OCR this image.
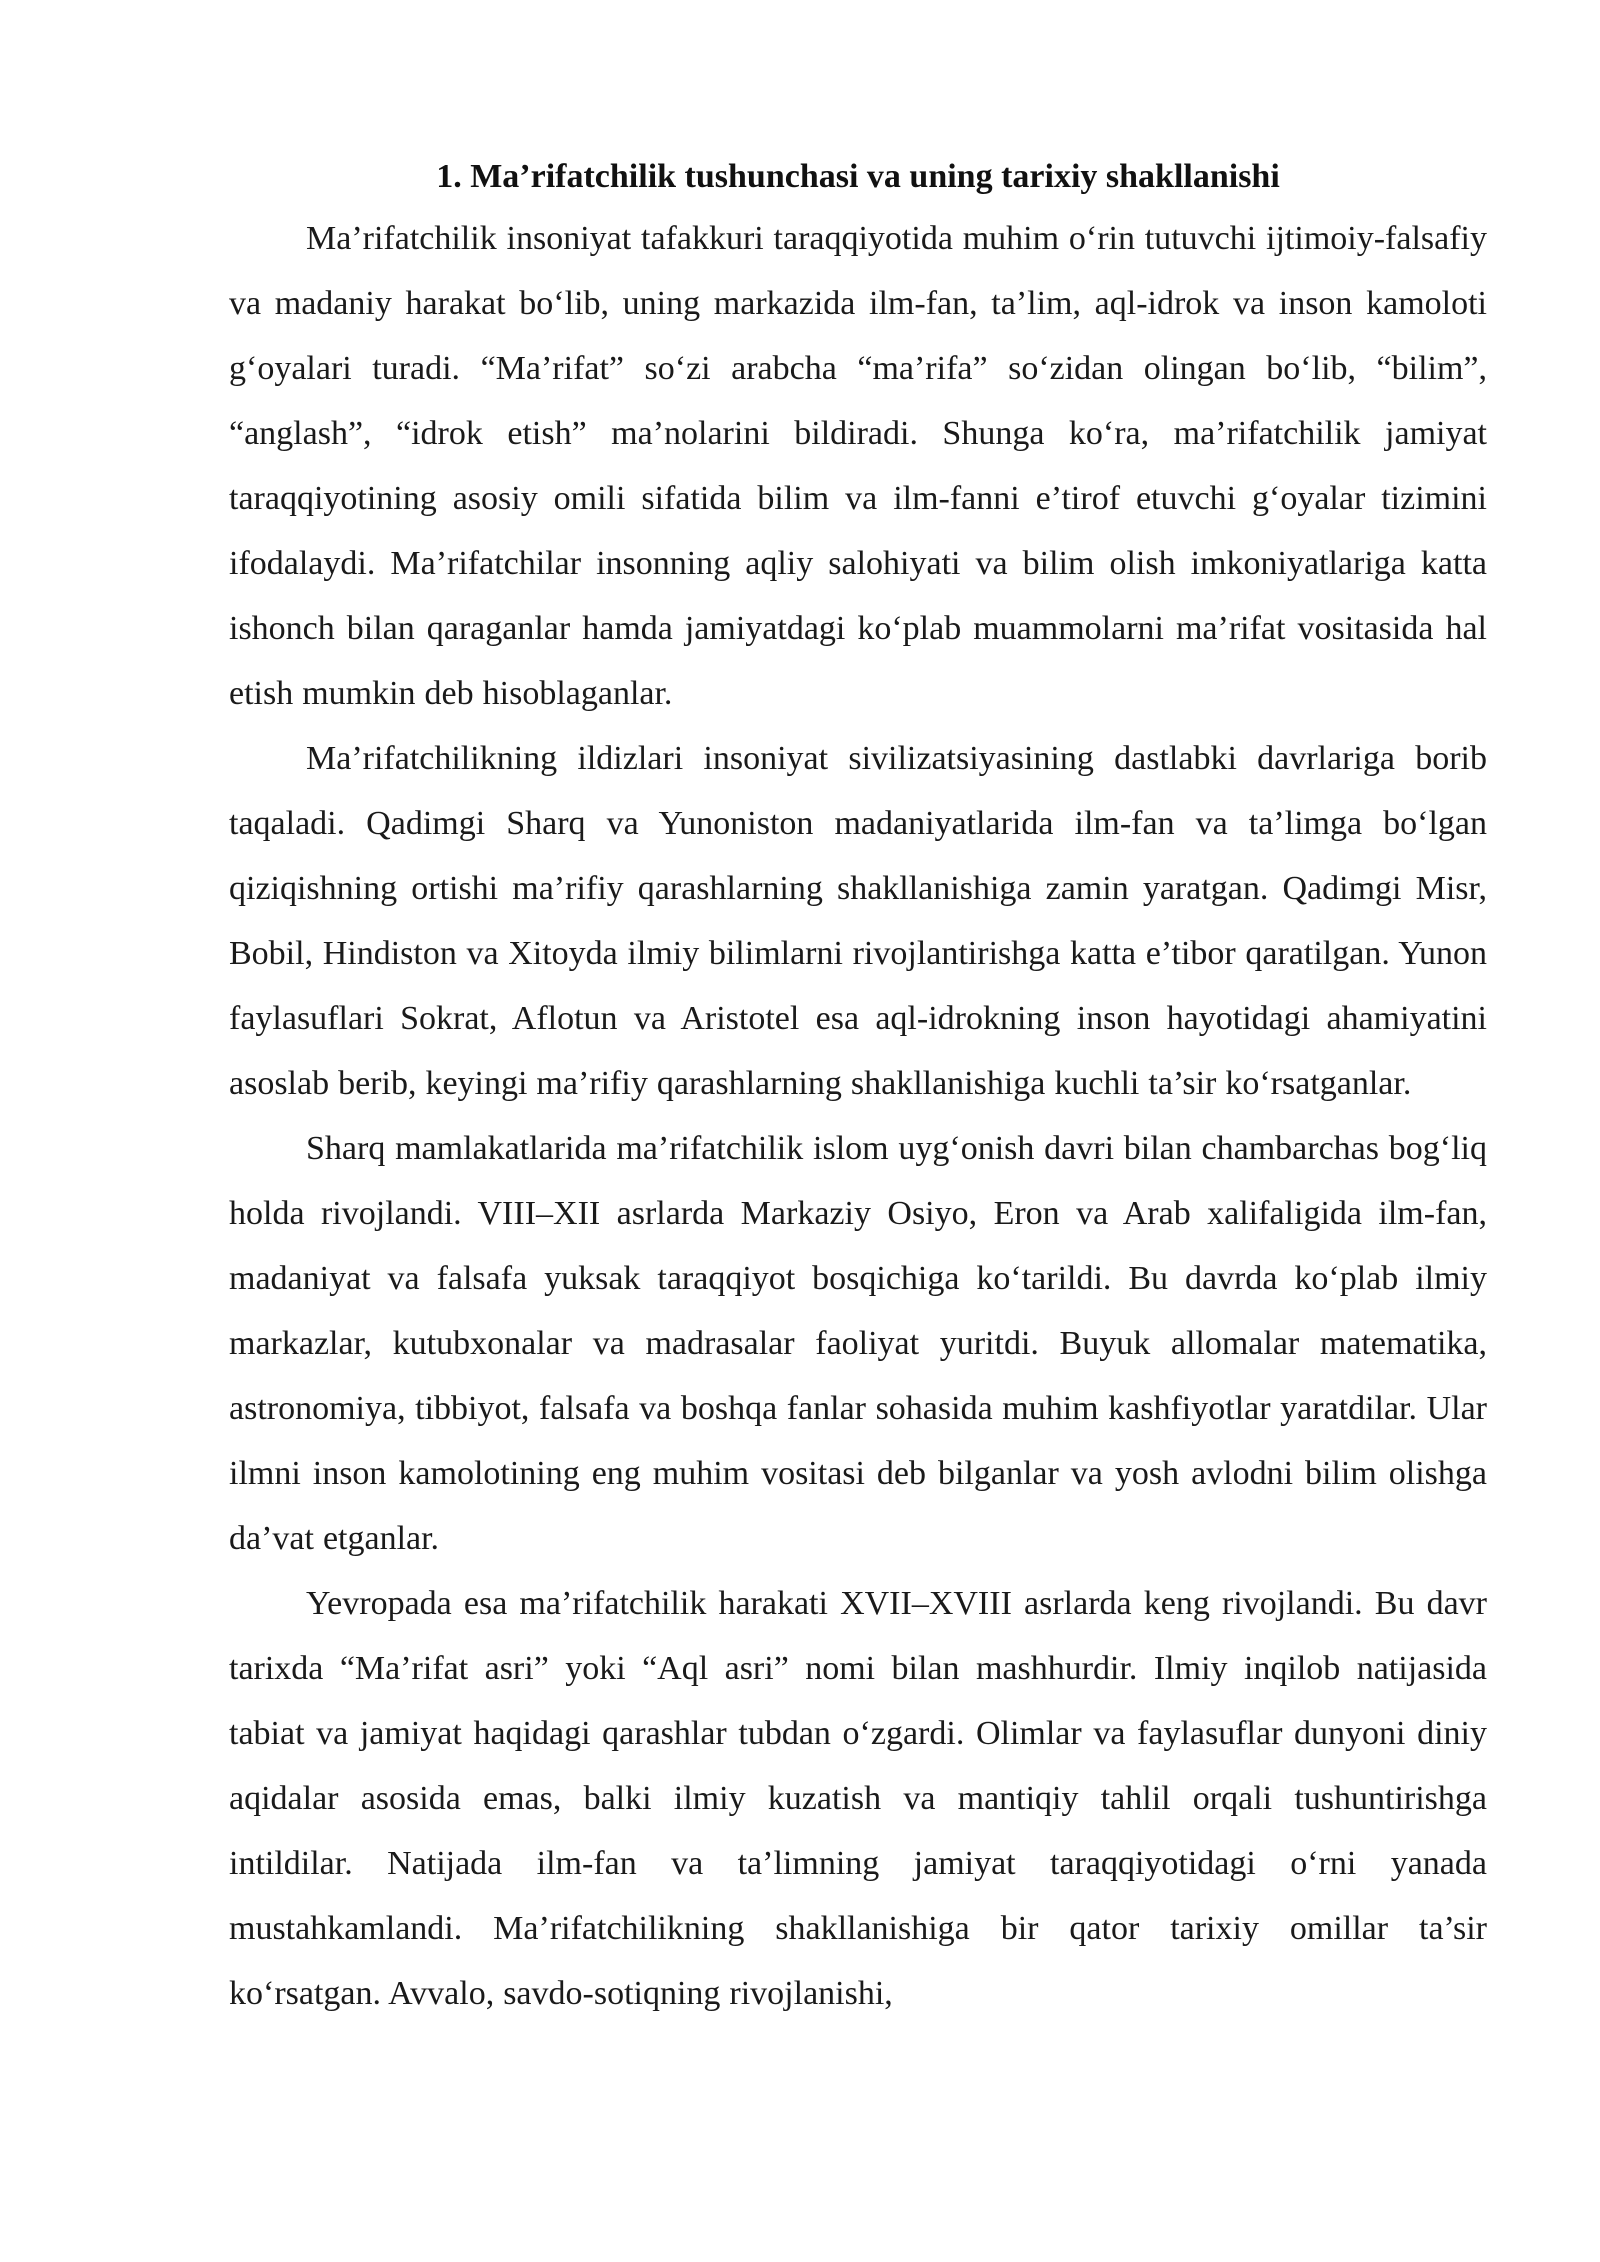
1. Ma’rifatchilik tushunchasi va uning tarixiy shakllanishi

Ma’rifatchilik insoniyat tafakkuri taraqqiyotida muhim o‘rin tutuvchi ijtimoiy-falsafiy va madaniy harakat bo‘lib, uning markazida ilm-fan, ta’lim, aql-idrok va inson kamoloti g‘oyalari turadi. “Ma’rifat” so‘zi arabcha “ma’rifa” so‘zidan olingan bo‘lib, “bilim”, “anglash”, “idrok etish” ma’nolarini bildiradi. Shunga ko‘ra, ma’rifatchilik jamiyat taraqqiyotining asosiy omili sifatida bilim va ilm-fanni e’tirof etuvchi g‘oyalar tizimini ifodalaydi. Ma’rifatchilar insonning aqliy salohiyati va bilim olish imkoniyatlariga katta ishonch bilan qaraganlar hamda jamiyatdagi ko‘plab muammolarni ma’rifat vositasida hal etish mumkin deb hisoblaganlar.

Ma’rifatchilikning ildizlari insoniyat sivilizatsiyasining dastlabki davrlariga borib taqaladi. Qadimgi Sharq va Yunoniston madaniyatlarida ilm-fan va ta’limga bo‘lgan qiziqishning ortishi ma’rifiy qarashlarning shakllanishiga zamin yaratgan. Qadimgi Misr, Bobil, Hindiston va Xitoyda ilmiy bilimlarni rivojlantirishga katta e’tibor qaratilgan. Yunon faylasuflari Sokrat, Aflotun va Aristotel esa aql-idrokning inson hayotidagi ahamiyatini asoslab berib, keyingi ma’rifiy qarashlarning shakllanishiga kuchli ta’sir ko‘rsatganlar.

Sharq mamlakatlarida ma’rifatchilik islom uyg‘onish davri bilan chambarchas bog‘liq holda rivojlandi. VIII–XII asrlarda Markaziy Osiyo, Eron va Arab xalifaligida ilm-fan, madaniyat va falsafa yuksak taraqqiyot bosqichiga ko‘tarildi. Bu davrda ko‘plab ilmiy markazlar, kutubxonalar va madrasalar faoliyat yuritdi. Buyuk allomalar matematika, astronomiya, tibbiyot, falsafa va boshqa fanlar sohasida muhim kashfiyotlar yaratdilar. Ular ilmni inson kamolotining eng muhim vositasi deb bilganlar va yosh avlodni bilim olishga da’vat etganlar.

Yevropada esa ma’rifatchilik harakati XVII–XVIII asrlarda keng rivojlandi. Bu davr tarixda “Ma’rifat asri” yoki “Aql asri” nomi bilan mashhurdir. Ilmiy inqilob natijasida tabiat va jamiyat haqidagi qarashlar tubdan o‘zgardi. Olimlar va faylasuflar dunyoni diniy aqidalar asosida emas, balki ilmiy kuzatish va mantiqiy tahlil orqali tushuntirishga intildilar. Natijada ilm-fan va ta’limning jamiyat taraqqiyotidagi o‘rni yanada mustahkamlandi. Ma’rifatchilikning shakllanishiga bir qator tarixiy omillar ta’sir ko‘rsatgan. Avvalo, savdo-sotiqning rivojlanishi,
